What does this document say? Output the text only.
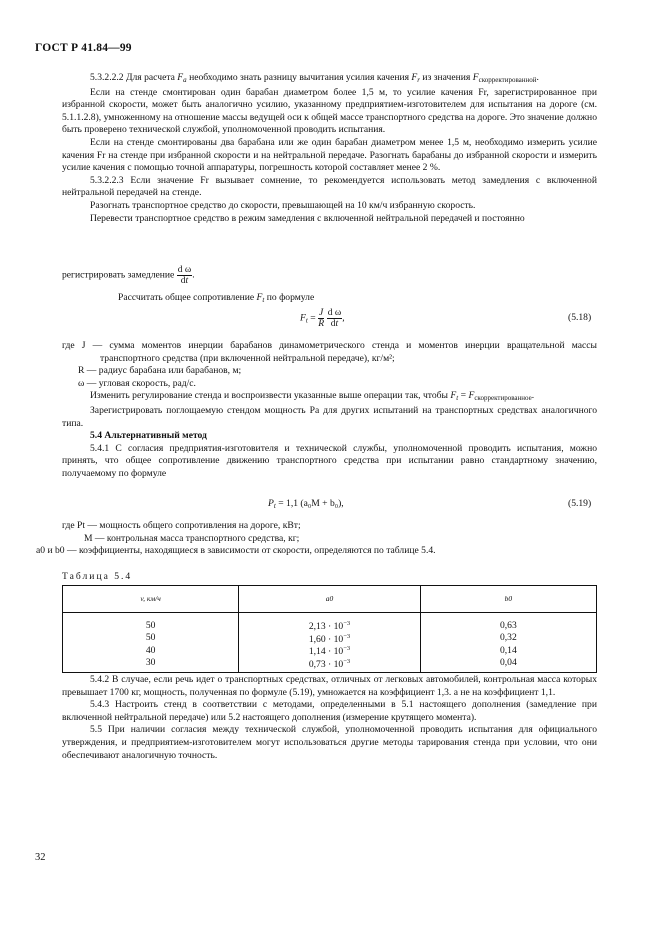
ГОСТ Р 41.84—99

5.3.2.2.2 Для расчета $F_a$ необходимо знать разницу вычитания усилия качения $F_r$ из значения $F_{скорректированной}$.

Если на стенде смонтирован один барабан диаметром более 1,5 м, то усилие качения Fr, зарегистрированное при избранной скорости, может быть аналогично усилию, указанному предприятием-изготовителем для испытания на дороге (см. 5.1.1.2.8), умноженному на отношение массы ведущей оси к общей массе транспортного средства на дороге. Это значение должно быть проверено технической службой, уполномоченной проводить испытания.

Если на стенде смонтированы два барабана или же один барабан диаметром менее 1,5 м, необходимо измерить усилие качения Fr на стенде при избранной скорости и на нейтральной передаче. Разогнать барабаны до избранной скорости и измерить усилие качения с помощью точной аппаратуры, погрешность которой составляет менее 2 %.

5.3.2.2.3 Если значение Fr вызывает сомнение, то рекомендуется использовать метод замедления с включенной нейтральной передачей на стенде.

Разогнать транспортное средство до скорости, превышающей на 10 км/ч избранную скорость.

Перевести транспортное средство в режим замедления с включенной нейтральной передачей и постоянно

регистрировать замедление $\frac{\text{d ω}}{dt}$ .
Рассчитать общее сопротивление $F_t$ по формуле
$F_t = \frac{J}{R}$
$\frac{\text{d ω}}{dt}$ ,	(5.18)

где J — сумма моментов инерции барабанов динамометрического стенда и моментов инерции вращательной массы транспортного средства (при включенной нейтральной передаче), кг/м²;

R — радиус барабана или барабанов, м;

ω — угловая скорость, рад/с.

Изменить регулирование стенда и воспроизвести указанные выше операции так, чтобы $F_t = F_{скорректированное}$.

Зарегистрировать поглощаемую стендом мощность Pa для других испытаний на транспортных средствах аналогичного типа.

5.4 Альтернативный метод

5.4.1 С согласия предприятия-изготовителя и технической службы, уполномоченной проводить испытания, можно принять, что общее сопротивление движению транспортного средства при испытании равно стандартному значению, получаемому по формуле

$P_t = 1,1$ (a₀M + b₀),	(5.19)

где Pt — мощность общего сопротивления на дороге, кВт;

M — контрольная масса транспортного средства, кг;

a0 и b0 — коэффициенты, находящиеся в зависимости от скорости, определяются по таблице 5.4.

Таблица 5.4
v, км/ч	a0	b0
50	$2,13 \cdot 10^{-3}$	0,63
50	$1,60 \cdot 10^{-3}$	0,32
40	$1,14 \cdot 10^{-3}$	0,14
30	$0,73 \cdot 10^{-3}$	0,04

5.4.2 В случае, если речь идет о транспортных средствах, отличных от легковых автомобилей, контрольная масса которых превышает 1700 кг, мощность, полученная по формуле (5.19), умножается на коэффициент 1,3. а не на коэффициент 1,1.

5.4.3 Настроить стенд в соответствии с методами, определенными в 5.1 настоящего дополнения (замедление при включенной нейтральной передаче) или 5.2 настоящего дополнения (измерение крутящего момента).

5.5 При наличии согласия между технической службой, уполномоченной проводить испытания для официального утверждения, и предприятием-изготовителем могут использоваться другие методы тарирования стенда при условии, что они обеспечивают аналогичную точность.

32
